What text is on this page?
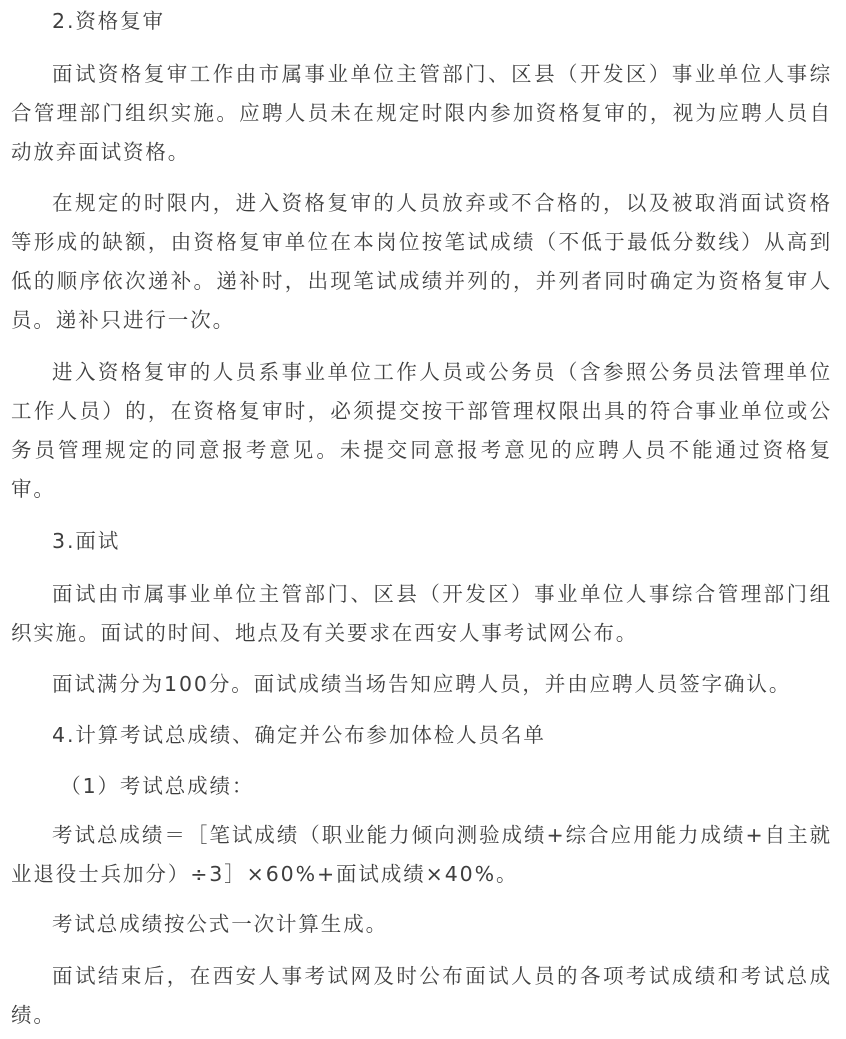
2.资格复审

面试资格复审工作由市属事业单位主管部门、区县（开发区）事业单位人事综合管理部门组织实施。应聘人员未在规定时限内参加资格复审的，视为应聘人员自动放弃面试资格。

在规定的时限内，进入资格复审的人员放弃或不合格的，以及被取消面试资格等形成的缺额，由资格复审单位在本岗位按笔试成绩（不低于最低分数线）从高到低的顺序依次递补。递补时，出现笔试成绩并列的，并列者同时确定为资格复审人员。递补只进行一次。

进入资格复审的人员系事业单位工作人员或公务员（含参照公务员法管理单位工作人员）的，在资格复审时，必须提交按干部管理权限出具的符合事业单位或公务员管理规定的同意报考意见。未提交同意报考意见的应聘人员不能通过资格复审。

3.面试

面试由市属事业单位主管部门、区县（开发区）事业单位人事综合管理部门组织实施。面试的时间、地点及有关要求在西安人事考试网公布。

面试满分为100分。面试成绩当场告知应聘人员，并由应聘人员签字确认。

4.计算考试总成绩、确定并公布参加体检人员名单

（1）考试总成绩：

考试总成绩＝［笔试成绩（职业能力倾向测验成绩+综合应用能力成绩+自主就业退役士兵加分）÷3］×60%+面试成绩×40%。

考试总成绩按公式一次计算生成。

面试结束后，在西安人事考试网及时公布面试人员的各项考试成绩和考试总成绩。
